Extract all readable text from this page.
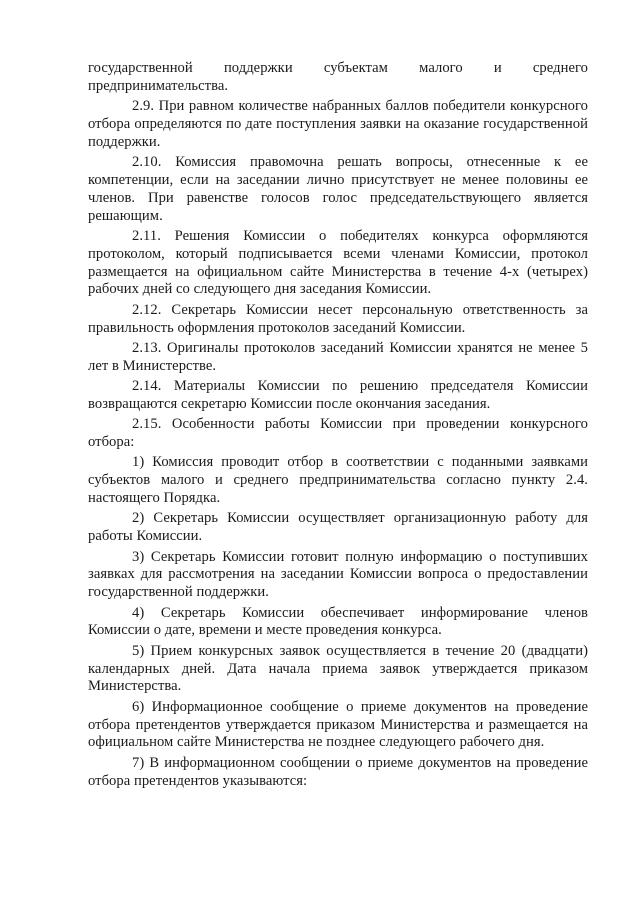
государственной поддержки субъектам малого и среднего предпринимательства.

2.9. При равном количестве набранных баллов победители конкурсного отбора определяются по дате поступления заявки на оказание государственной поддержки.

2.10. Комиссия правомочна решать вопросы, отнесенные к ее компетенции, если на заседании лично присутствует не менее половины ее членов. При равенстве голосов голос председательствующего является решающим.

2.11. Решения Комиссии о победителях конкурса оформляются протоколом, который подписывается всеми членами Комиссии, протокол размещается на официальном сайте Министерства в течение 4-х (четырех) рабочих дней со следующего дня заседания Комиссии.

2.12. Секретарь Комиссии несет персональную ответственность за правильность оформления протоколов заседаний Комиссии.

2.13. Оригиналы протоколов заседаний Комиссии хранятся не менее 5 лет в Министерстве.

2.14. Материалы Комиссии по решению председателя Комиссии возвращаются секретарю Комиссии после окончания заседания.

2.15. Особенности работы Комиссии при проведении конкурсного отбора:

1) Комиссия проводит отбор в соответствии с поданными заявками субъектов малого и среднего предпринимательства согласно пункту 2.4. настоящего Порядка.

2) Секретарь Комиссии осуществляет организационную работу для работы Комиссии.

3) Секретарь Комиссии готовит полную информацию о поступивших заявках для рассмотрения на заседании Комиссии вопроса о предоставлении государственной поддержки.

4) Секретарь Комиссии обеспечивает информирование членов Комиссии о дате, времени и месте проведения конкурса.

5) Прием конкурсных заявок осуществляется в течение 20 (двадцати) календарных дней. Дата начала приема заявок утверждается приказом Министерства.

6) Информационное сообщение о приеме документов на проведение отбора претендентов утверждается приказом Министерства и размещается на официальном сайте Министерства не позднее следующего рабочего дня.

7) В информационном сообщении о приеме документов на проведение отбора претендентов указываются:
